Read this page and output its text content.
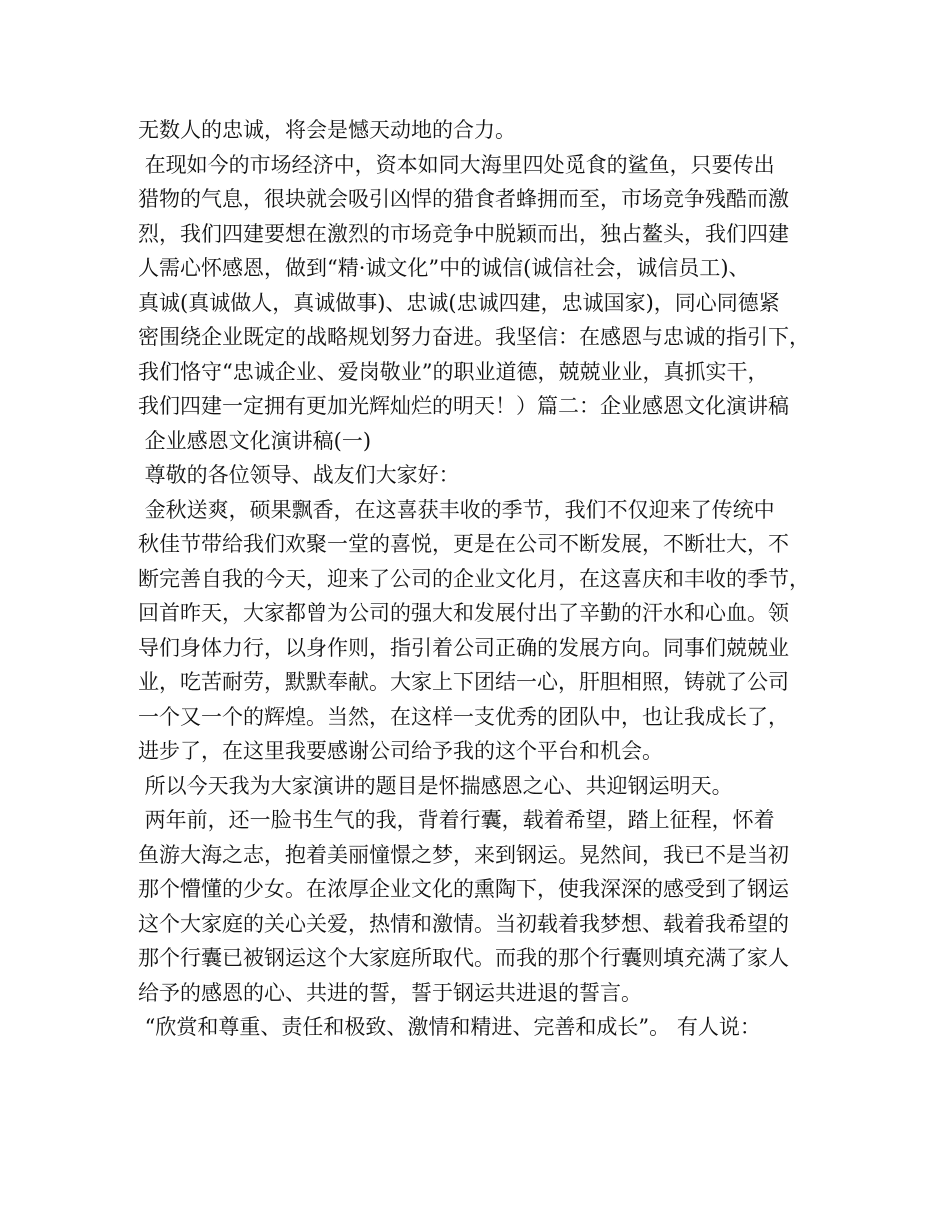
无数人的忠诚，将会是憾天动地的合力。
在现如今的市场经济中，资本如同大海里四处觅食的鲨鱼，只要传出
猎物的气息，很块就会吸引凶悍的猎食者蜂拥而至，市场竞争残酷而激
烈，我们四建要想在激烈的市场竞争中脱颖而出，独占鳌头，我们四建
人需心怀感恩，做到“精·诚文化”中的诚信(诚信社会，诚信员工)、
真诚(真诚做人，真诚做事)、忠诚(忠诚四建，忠诚国家)，同心同德紧
密围绕企业既定的战略规划努力奋进。我坚信：在感恩与忠诚的指引下，
我们恪守“忠诚企业、爱岗敬业”的职业道德，兢兢业业，真抓实干，
我们四建一定拥有更加光辉灿烂的明天！）篇二：企业感恩文化演讲稿
企业感恩文化演讲稿(一)
尊敬的各位领导、战友们大家好：
金秋送爽，硕果飘香，在这喜获丰收的季节，我们不仅迎来了传统中
秋佳节带给我们欢聚一堂的喜悦，更是在公司不断发展，不断壮大，不
断完善自我的今天，迎来了公司的企业文化月，在这喜庆和丰收的季节，
回首昨天，大家都曾为公司的强大和发展付出了辛勤的汗水和心血。领
导们身体力行，以身作则，指引着公司正确的发展方向。同事们兢兢业
业，吃苦耐劳，默默奉献。大家上下团结一心，肝胆相照，铸就了公司
一个又一个的辉煌。当然，在这样一支优秀的团队中，也让我成长了，
进步了，在这里我要感谢公司给予我的这个平台和机会。
所以今天我为大家演讲的题目是怀揣感恩之心、共迎钢运明天。
两年前，还一脸书生气的我，背着行囊，载着希望，踏上征程，怀着
鱼游大海之志，抱着美丽憧憬之梦，来到钢运。晃然间，我已不是当初
那个懵懂的少女。在浓厚企业文化的熏陶下，使我深深的感受到了钢运
这个大家庭的关心关爱，热情和激情。当初载着我梦想、载着我希望的
那个行囊已被钢运这个大家庭所取代。而我的那个行囊则填充满了家人
给予的感恩的心、共进的誓，誓于钢运共进退的誓言。
“欣赏和尊重、责任和极致、激情和精进、完善和成长”。 有人说：
